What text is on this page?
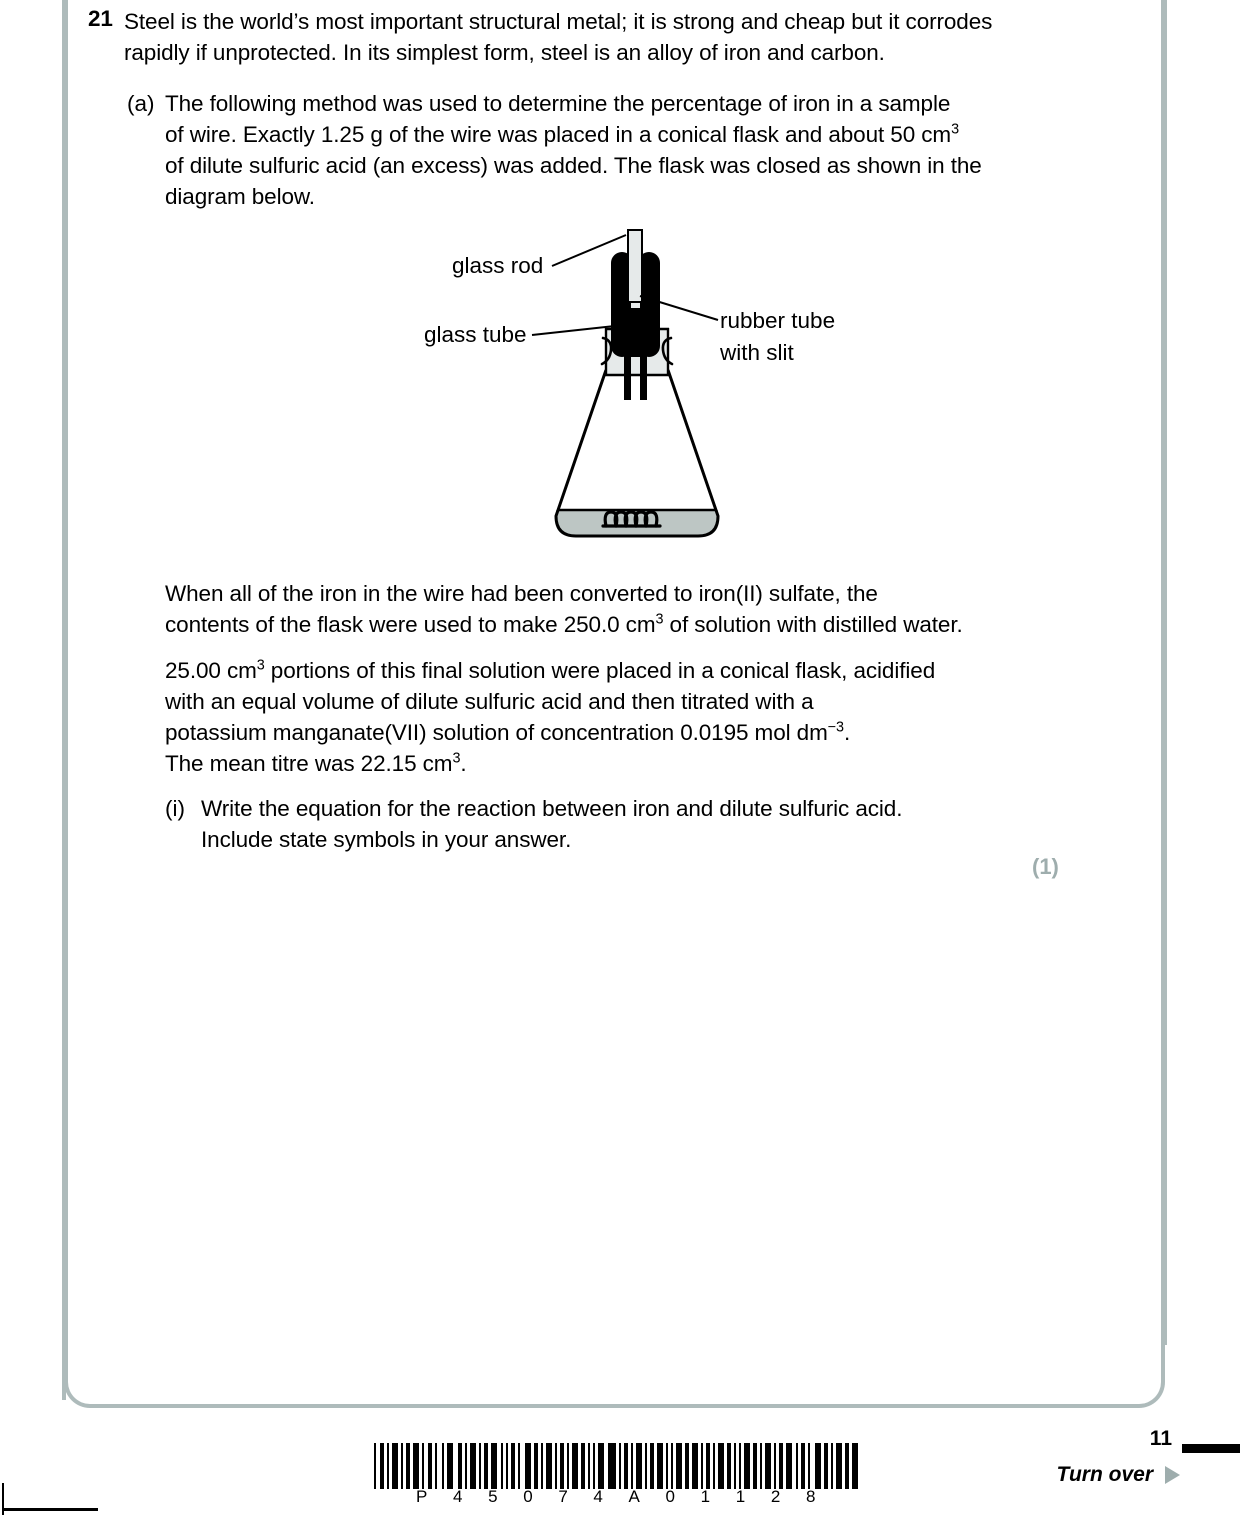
21 Steel is the world’s most important structural metal; it is strong and cheap but it corrodes rapidly if unprotected. In its simplest form, steel is an alloy of iron and carbon.
(a) The following method was used to determine the percentage of iron in a sample
of wire. Exactly 1.25 g of the wire was placed in a conical flask and about 50 $cm^3$
of dilute sulfuric acid (an excess) was added. The flask was closed as shown in the
diagram below.
glass rod
glass tube
rubber tube
with slit
When all of the iron in the wire had been converted to iron(II) sulfate, the
contents of the flask were used to make 250.0 $cm^3$ of solution with distilled water.
25.00 $cm^3$ portions of this final solution were placed in a conical flask, acidified
with an equal volume of dilute sulfuric acid and then titrated with a
potassium manganate(VII) solution of concentration 0.0195 mol $dm^{-3}$.
The mean titre was 22.15 $cm^3$.
(i) Write the equation for the reaction between iron and dilute sulfuric acid.
Include state symbols in your answer.
(1)
P 4 5 0 7 4 A 0 1 1 2 8
11
Turn over
